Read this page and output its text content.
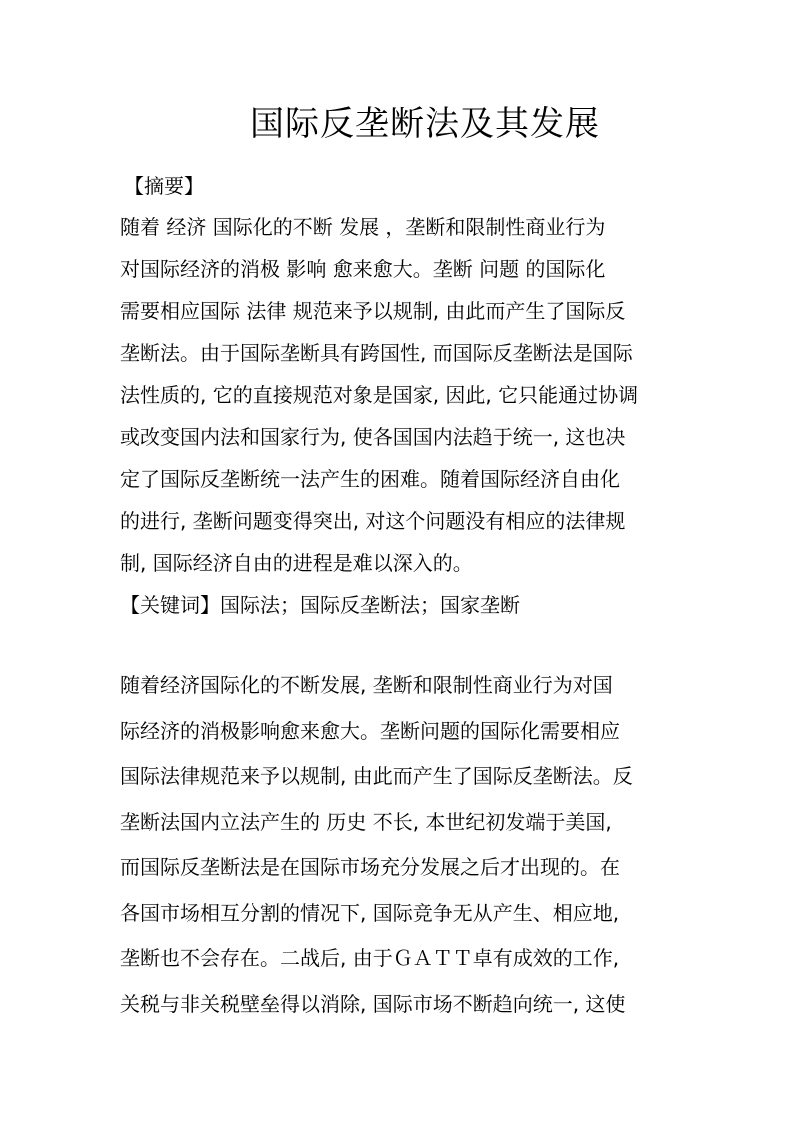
国际反垄断法及其发展
【摘要】
随着 经济 国际化的不断 发展 ，垄断和限制性商业行为
对国际经济的消极 影响 愈来愈大。垄断 问题 的国际化
需要相应国际 法律 规范来予以规制, 由此而产生了国际反
垄断法。由于国际垄断具有跨国性, 而国际反垄断法是国际
法性质的, 它的直接规范对象是国家, 因此, 它只能通过协调
或改变国内法和国家行为, 使各国国内法趋于统一, 这也决
定了国际反垄断统一法产生的困难。随着国际经济自由化
的进行, 垄断问题变得突出, 对这个问题没有相应的法律规
制, 国际经济自由的进程是难以深入的。
【关键词】国际法；国际反垄断法；国家垄断
随着经济国际化的不断发展, 垄断和限制性商业行为对国
际经济的消极影响愈来愈大。垄断问题的国际化需要相应
国际法律规范来予以规制, 由此而产生了国际反垄断法。反
垄断法国内立法产生的 历史 不长, 本世纪初发端于美国,
而国际反垄断法是在国际市场充分发展之后才出现的。在
各国市场相互分割的情况下, 国际竞争无从产生、相应地,
垄断也不会存在。二战后, 由于ＧＡＴＴ卓有成效的工作,
关税与非关税壁垒得以消除, 国际市场不断趋向统一, 这使
